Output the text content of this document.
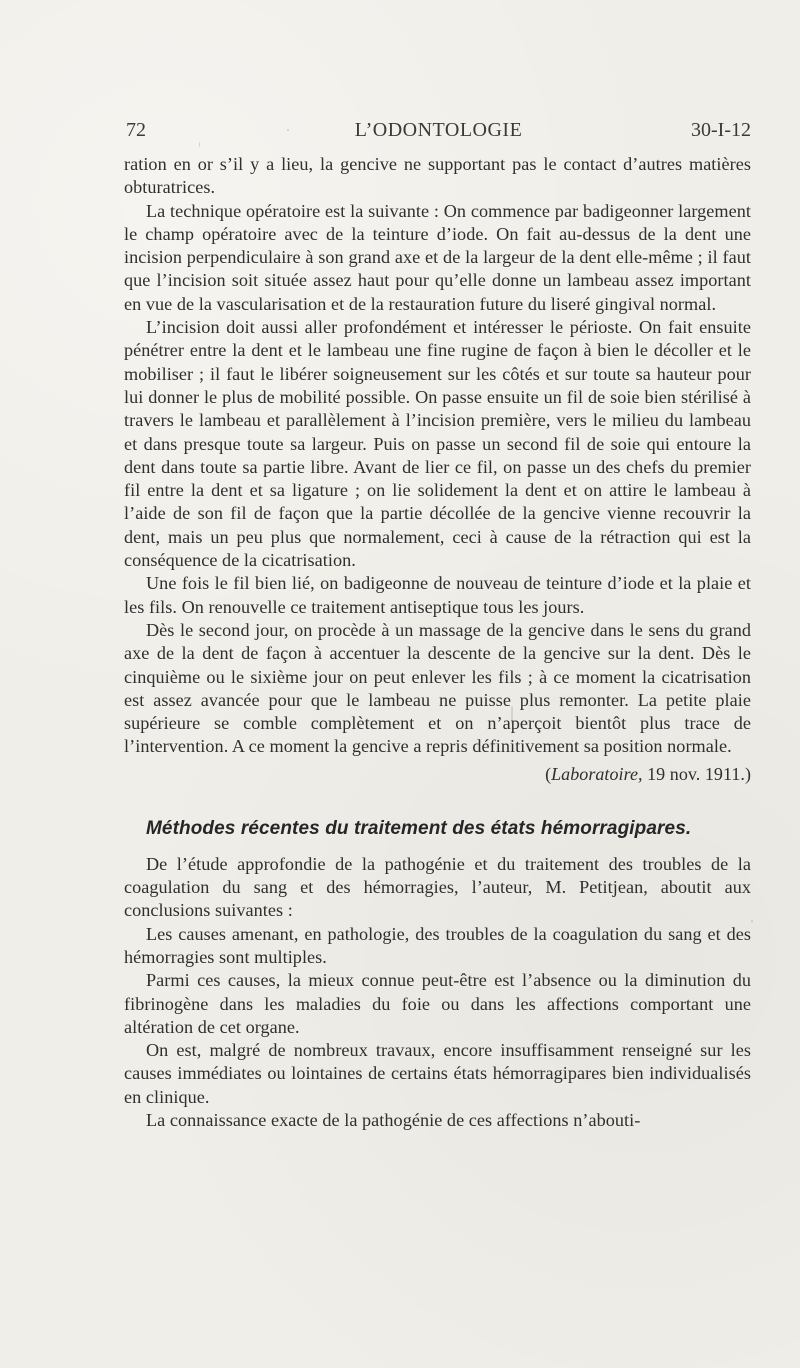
72	L’ODONTOLOGIE	30-I-12

ration en or s’il y a lieu, la gencive ne supportant pas le contact d’autres matières obturatrices.

La technique opératoire est la suivante : On commence par badigeonner largement le champ opératoire avec de la teinture d’iode. On fait au-dessus de la dent une incision perpendiculaire à son grand axe et de la largeur de la dent elle-même ; il faut que l’incision soit située assez haut pour qu’elle donne un lambeau assez important en vue de la vascularisation et de la restauration future du liseré gingival normal.

L’incision doit aussi aller profondément et intéresser le périoste. On fait ensuite pénétrer entre la dent et le lambeau une fine rugine de façon à bien le décoller et le mobiliser ; il faut le libérer soigneusement sur les côtés et sur toute sa hauteur pour lui donner le plus de mobilité possible. On passe ensuite un fil de soie bien stérilisé à travers le lambeau et parallèlement à l’incision première, vers le milieu du lambeau et dans presque toute sa largeur. Puis on passe un second fil de soie qui entoure la dent dans toute sa partie libre. Avant de lier ce fil, on passe un des chefs du premier fil entre la dent et sa ligature ; on lie solidement la dent et on attire le lambeau à l’aide de son fil de façon que la partie décollée de la gencive vienne recouvrir la dent, mais un peu plus que normalement, ceci à cause de la rétraction qui est la conséquence de la cicatrisation.

Une fois le fil bien lié, on badigeonne de nouveau de teinture d’iode et la plaie et les fils. On renouvelle ce traitement antiseptique tous les jours.

Dès le second jour, on procède à un massage de la gencive dans le sens du grand axe de la dent de façon à accentuer la descente de la gencive sur la dent. Dès le cinquième ou le sixième jour on peut enlever les fils ; à ce moment la cicatrisation est assez avancée pour que le lambeau ne puisse plus remonter. La petite plaie supérieure se comble complètement et on n’aperçoit bientôt plus trace de l’intervention. A ce moment la gencive a repris définitivement sa position normale.

(Laboratoire, 19 nov. 1911.)
Méthodes récentes du traitement des états hémorragipares.

De l’étude approfondie de la pathogénie et du traitement des troubles de la coagulation du sang et des hémorragies, l’auteur, M. Petitjean, aboutit aux conclusions suivantes :

Les causes amenant, en pathologie, des troubles de la coagulation du sang et des hémorragies sont multiples.

Parmi ces causes, la mieux connue peut-être est l’absence ou la diminution du fibrinogène dans les maladies du foie ou dans les affections comportant une altération de cet organe.

On est, malgré de nombreux travaux, encore insuffisamment renseigné sur les causes immédiates ou lointaines de certains états hémorragipares bien individualisés en clinique.

La connaissance exacte de la pathogénie de ces affections n’abouti-
